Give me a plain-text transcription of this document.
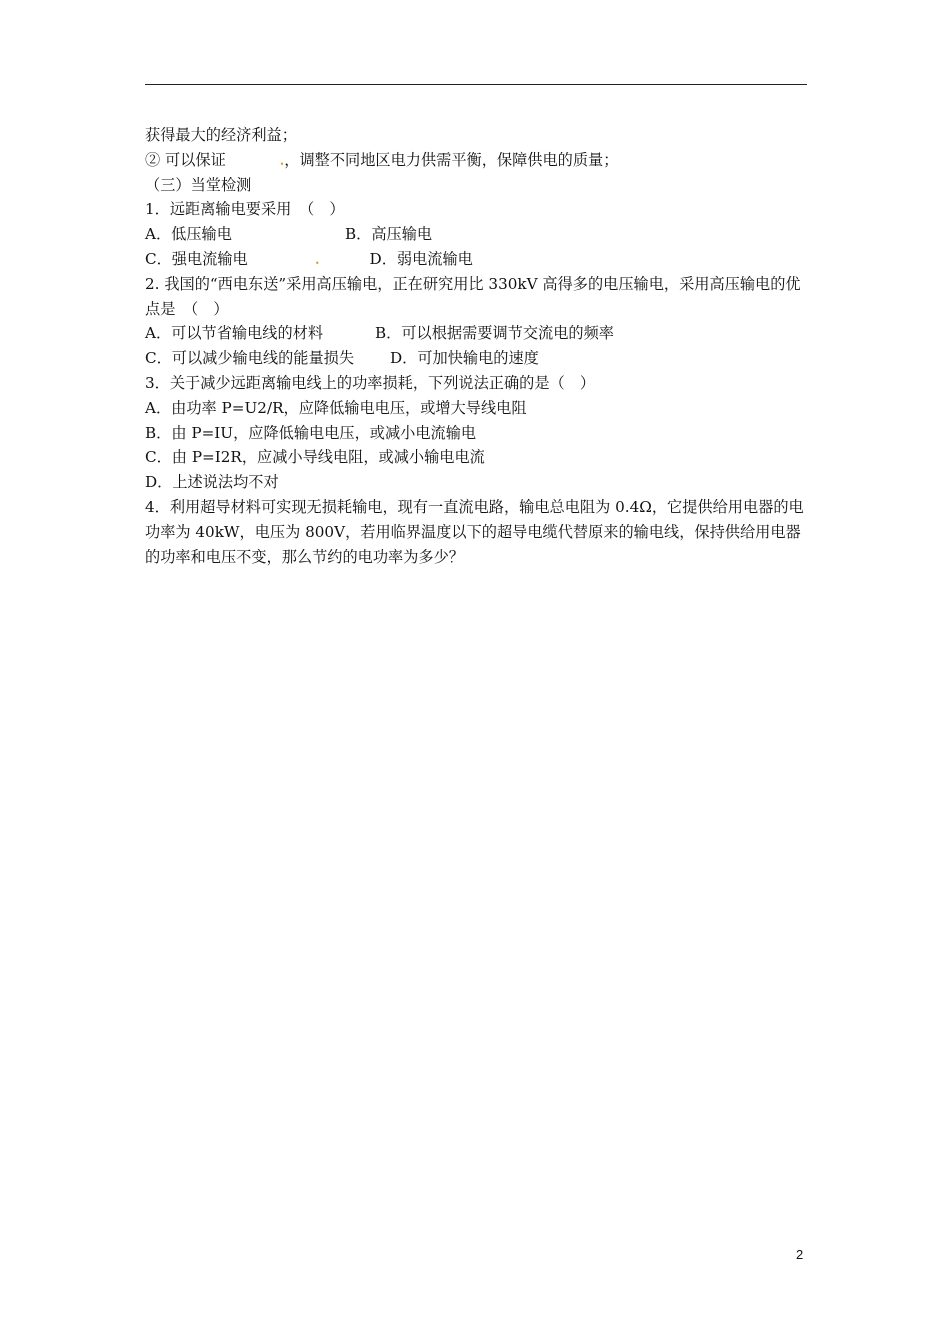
获得最大的经济利益；
② 可以保证	.，调整不同地区电力供需平衡，保障供电的质量；
（三）当堂检测
1．远距离输电要采用　（　）
A．低压输电	B．高压输电
C．强电流输电	.	D．弱电流输电
2. 我国的“西电东送”采用高压输电，正在研究用比 330kV 高得多的电压输电，采用高压输电的优点是　（　）
A．可以节省输电线的材料	B．可以根据需要调节交流电的频率
C．可以减少输电线的能量损失 D．可加快输电的速度
3．关于减少远距离输电线上的功率损耗，下列说法正确的是（　）
A．由功率 P=U2/R，应降低输电电压，或增大导线电阻
B．由 P=IU，应降低输电电压，或减小电流输电
C．由 P=I2R，应减小导线电阻，或减小输电电流
D．上述说法均不对
4．利用超导材料可实现无损耗输电，现有一直流电路，输电总电阻为 0.4Ω，它提供给用电器的电功率为 40kW，电压为 800V，若用临界温度以下的超导电缆代替原来的输电线，保持供给用电器的功率和电压不变，那么节约的电功率为多少？
2
